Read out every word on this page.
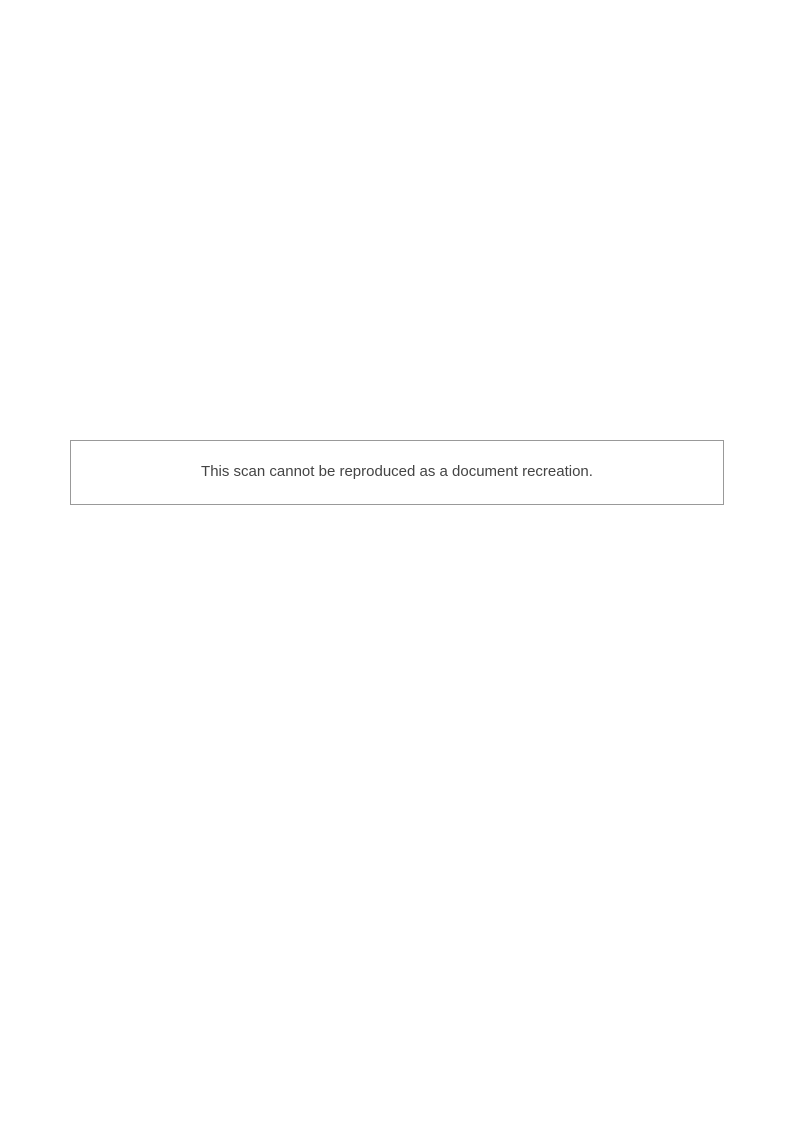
This scan cannot be reproduced as a document recreation.
